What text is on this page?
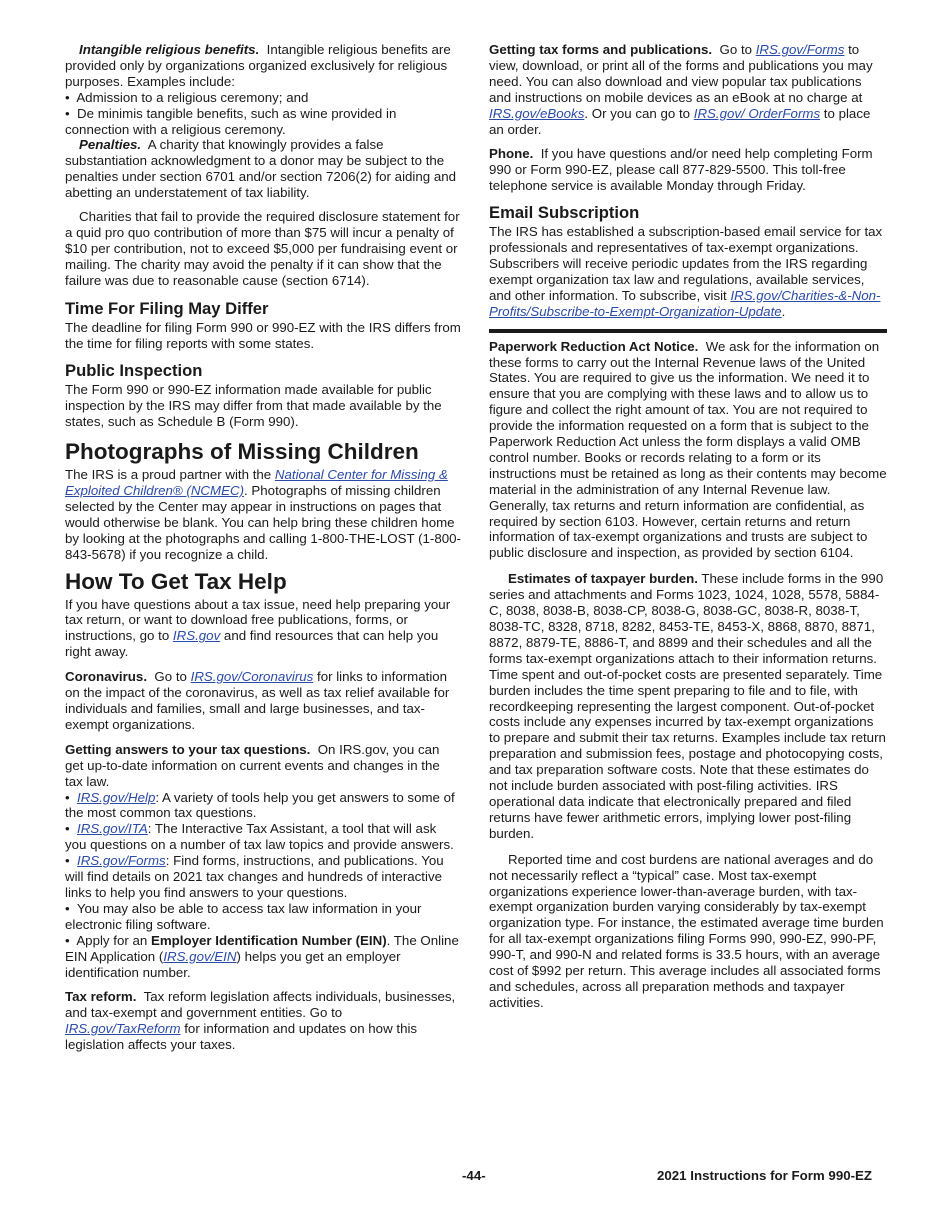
Intangible religious benefits. Intangible religious benefits are provided only by organizations organized exclusively for religious purposes. Examples include:

•  Admission to a religious ceremony; and

•  De minimis tangible benefits, such as wine provided in connection with a religious ceremony.

Penalties. A charity that knowingly provides a false substantiation acknowledgment to a donor may be subject to the penalties under section 6701 and/or section 7206(2) for aiding and abetting an understatement of tax liability.

Charities that fail to provide the required disclosure statement for a quid pro quo contribution of more than $75 will incur a penalty of $10 per contribution, not to exceed $5,000 per fundraising event or mailing. The charity may avoid the penalty if it can show that the failure was due to reasonable cause (section 6714).

Time For Filing May Differ

The deadline for filing Form 990 or 990-EZ with the IRS differs from the time for filing reports with some states.

Public Inspection

The Form 990 or 990-EZ information made available for public inspection by the IRS may differ from that made available by the states, such as Schedule B (Form 990).

Photographs of Missing Children

The IRS is a proud partner with the National Center for Missing & Exploited Children® (NCMEC). Photographs of missing children selected by the Center may appear in instructions on pages that would otherwise be blank. You can help bring these children home by looking at the photographs and calling 1-800-THE-LOST (1-800-843-5678) if you recognize a child.

How To Get Tax Help

If you have questions about a tax issue, need help preparing your tax return, or want to download free publications, forms, or instructions, go to IRS.gov and find resources that can help you right away.

Coronavirus. Go to IRS.gov/Coronavirus for links to information on the impact of the coronavirus, as well as tax relief available for individuals and families, small and large businesses, and tax-exempt organizations.

Getting answers to your tax questions. On IRS.gov, you can get up-to-date information on current events and changes in the tax law.

•  IRS.gov/Help: A variety of tools help you get answers to some of the most common tax questions.

•  IRS.gov/ITA: The Interactive Tax Assistant, a tool that will ask you questions on a number of tax law topics and provide answers.

•  IRS.gov/Forms: Find forms, instructions, and publications. You will find details on 2021 tax changes and hundreds of interactive links to help you find answers to your questions.

•  You may also be able to access tax law information in your electronic filing software.

•  Apply for an Employer Identification Number (EIN). The Online EIN Application (IRS.gov/EIN) helps you get an employer identification number.

Tax reform. Tax reform legislation affects individuals, businesses, and tax-exempt and government entities. Go to IRS.gov/TaxReform for information and updates on how this legislation affects your taxes.

Getting tax forms and publications. Go to IRS.gov/Forms to view, download, or print all of the forms and publications you may need. You can also download and view popular tax publications and instructions on mobile devices as an eBook at no charge at IRS.gov/eBooks. Or you can go to IRS.gov/ OrderForms to place an order.

Phone. If you have questions and/or need help completing Form 990 or Form 990-EZ, please call 877-829-5500. This toll-free telephone service is available Monday through Friday.

Email Subscription

The IRS has established a subscription-based email service for tax professionals and representatives of tax-exempt organizations. Subscribers will receive periodic updates from the IRS regarding exempt organization tax law and regulations, available services, and other information. To subscribe, visit IRS.gov/Charities-&-Non-Profits/Subscribe-to-Exempt-Organization-Update.

Paperwork Reduction Act Notice. We ask for the information on these forms to carry out the Internal Revenue laws of the United States. You are required to give us the information. We need it to ensure that you are complying with these laws and to allow us to figure and collect the right amount of tax. You are not required to provide the information requested on a form that is subject to the Paperwork Reduction Act unless the form displays a valid OMB control number. Books or records relating to a form or its instructions must be retained as long as their contents may become material in the administration of any Internal Revenue law. Generally, tax returns and return information are confidential, as required by section 6103. However, certain returns and return information of tax-exempt organizations and trusts are subject to public disclosure and inspection, as provided by section 6104.

Estimates of taxpayer burden. These include forms in the 990 series and attachments and Forms 1023, 1024, 1028, 5578, 5884-C, 8038, 8038-B, 8038-CP, 8038-G, 8038-GC, 8038-R, 8038-T, 8038-TC, 8328, 8718, 8282, 8453-TE, 8453-X, 8868, 8870, 8871, 8872, 8879-TE, 8886-T, and 8899 and their schedules and all the forms tax-exempt organizations attach to their information returns. Time spent and out-of-pocket costs are presented separately. Time burden includes the time spent preparing to file and to file, with recordkeeping representing the largest component. Out-of-pocket costs include any expenses incurred by tax-exempt organizations to prepare and submit their tax returns. Examples include tax return preparation and submission fees, postage and photocopying costs, and tax preparation software costs. Note that these estimates do not include burden associated with post-filing activities. IRS operational data indicate that electronically prepared and filed returns have fewer arithmetic errors, implying lower post-filing burden.

Reported time and cost burdens are national averages and do not necessarily reflect a “typical” case. Most tax-exempt organizations experience lower-than-average burden, with tax-exempt organization burden varying considerably by tax-exempt organization type. For instance, the estimated average time burden for all tax-exempt organizations filing Forms 990, 990-EZ, 990-PF, 990-T, and 990-N and related forms is 33.5 hours, with an average cost of $992 per return. This average includes all associated forms and schedules, across all preparation methods and taxpayer activities.

-44-	2021 Instructions for Form 990-EZ
